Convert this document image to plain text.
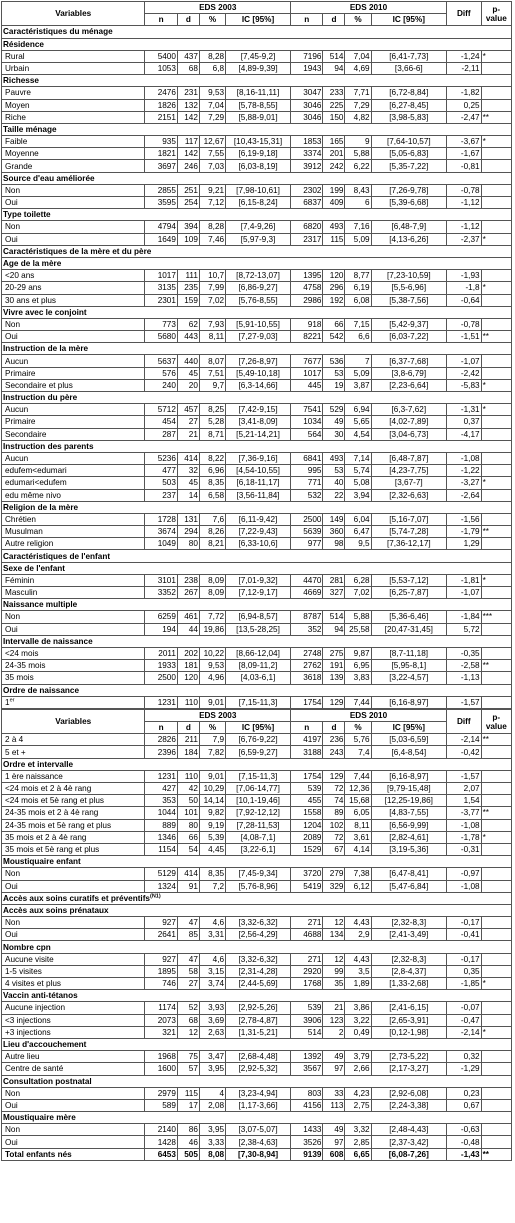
Variables	EDS 2003				EDS 2010				Diff	p-value
	n	d	%	IC [95%]	n	d	%	IC [95%]		
Caractéristiques du ménage										
Résidence										
Rural	5400	437	8,28	[7,45-9,2]	7196	514	7,04	[6,41-7,73]	-1,24	*
Urbain	1053	68	6,8	[4,89-9,39]	1943	94	4,69	[3,66-6]	-2,11	
Richesse										
Pauvre	2476	231	9,53	[8,16-11,11]	3047	233	7,71	[6,72-8,84]	-1,82	
Moyen	1826	132	7,04	[5,78-8,55]	3046	225	7,29	[6,27-8,45]	0,25	
Riche	2151	142	7,29	[5,88-9,01]	3046	150	4,82	[3,98-5,83]	-2,47	**
Taille ménage										
Faible	935	117	12,67	[10,43-15,31]	1853	165	9	[7,64-10,57]	-3,67	*
Moyenne	1821	142	7,55	[6,19-9,18]	3374	201	5,88	[5,05-6,83]	-1,67	
Grande	3697	246	7,03	[6,03-8,19]	3912	242	6,22	[5,35-7,22]	-0,81	
Source d'eau améliorée										
Non	2855	251	9,21	[7,98-10,61]	2302	199	8,43	[7,26-9,78]	-0,78	
Oui	3595	254	7,12	[6,15-8,24]	6837	409	6	[5,39-6,68]	-1,12	
Type toilette										
Non	4794	394	8,28	[7,4-9,26]	6820	493	7,16	[6,48-7,9]	-1,12	
Oui	1649	109	7,46	[5,97-9,3]	2317	115	5,09	[4,13-6,26]	-2,37	*
Caractéristiques de la mère et du père										
Age de la mère										
<20 ans	1017	111	10,7	[8,72-13,07]	1395	120	8,77	[7,23-10,59]	-1,93	
20-29 ans	3135	235	7,99	[6,86-9,27]	4758	296	6,19	[5,5-6,96]	-1,8	*
30 ans et plus	2301	159	7,02	[5,76-8,55]	2986	192	6,08	[5,38-7,56]	-0,64	
Vivre avec le conjoint										
Non	773	62	7,93	[5,91-10,55]	918	66	7,15	[5,42-9,37]	-0,78	
Oui	5680	443	8,11	[7,27-9,03]	8221	542	6,6	[6,03-7,22]	-1,51	**
Instruction de la mère										
Aucun	5637	440	8,07	[7,26-8,97]	7677	536	7	[6,37-7,68]	-1,07	
Primaire	576	45	7,51	[5,49-10,18]	1017	53	5,09	[3,8-6,79]	-2,42	
Secondaire et plus	240	20	9,7	[6,3-14,66]	445	19	3,87	[2,23-6,64]	-5,83	*
Instruction du père										
Aucun	5712	457	8,25	[7,42-9,15]	7541	529	6,94	[6,3-7,62]	-1,31	*
Primaire	454	27	5,28	[3,41-8,09]	1034	49	5,65	[4,02-7,89]	0,37	
Secondaire	287	21	8,71	[5,21-14,21]	564	30	4,54	[3,04-6,73]	-4,17	
Instruction des parents										
Aucun	5236	414	8,22	[7,36-9,16]	6841	493	7,14	[6,48-7,87]	-1,08	
edufem<edumari	477	32	6,96	[4,54-10,55]	995	53	5,74	[4,23-7,75]	-1,22	
edumari<edufem	503	45	8,35	[6,18-11,17]	771	40	5,08	[3,67-7]	-3,27	*
edu même nivo	237	14	6,58	[3,56-11,84]	532	22	3,94	[2,32-6,63]	-2,64	
Religion de la mère										
Chrétien	1728	131	7,6	[6,11-9,42]	2500	149	6,04	[5,16-7,07]	-1,56	
Musulman	3674	294	8,26	[7,22-9,43]	5639	360	6,47	[5,74-7,28]	-1,79	**
Autre religion	1049	80	8,21	[6,33-10,6]	977	98	9,5	[7,36-12,17]	1,29	
Caractéristiques de l'enfant										
Sexe de l'enfant										
Féminin	3101	238	8,09	[7,01-9,32]	4470	281	6,28	[5,53-7,12]	-1,81	*
Masculin	3352	267	8,09	[7,12-9,17]	4669	327	7,02	[6,25-7,87]	-1,07	
Naissance multiple										
Non	6259	461	7,72	[6,94-8,57]	8787	514	5,88	[5,36-6,46]	-1,84	***
Oui	194	44	19,86	[13,5-28,25]	352	94	25,58	[20,47-31,45]	5,72	
Intervalle de naissance										
<24 mois	2011	202	10,22	[8,66-12,04]	2748	275	9,87	[8,7-11,18]	-0,35	
24-35 mois	1933	181	9,53	[8,09-11,2]	2762	191	6,95	[5,95-8,1]	-2,58	**
35 mois	2500	120	4,96	[4,03-6,1]	3618	139	3,83	[3,22-4,57]	-1,13	
Ordre de naissance										
1er	1231	110	9,01	[7,15-11,3]	1754	129	7,44	[6,16-8,97]	-1,57	
Variables	EDS 2003				EDS 2010				Diff	p-value
	n	d	%	IC [95%]	n	d	%	IC [95%]		
2 à 4	2826	211	7,9	[6,76-9,22]	4197	236	5,76	[5,03-6,59]	-2,14	**
5 et +	2396	184	7,82	[6,59-9,27]	3188	243	7,4	[6,4-8,54]	-0,42	
Ordre et intervalle										
1 ère naissance	1231	110	9,01	[7,15-11,3]	1754	129	7,44	[6,16-8,97]	-1,57	
<24 mois et 2 à 4è rang	427	42	10,29	[7,06-14,77]	539	72	12,36	[9,79-15,48]	2,07	
<24 mois et 5è rang et plus	353	50	14,14	[10,1-19,46]	455	74	15,68	[12,25-19,86]	1,54	
24-35 mois et 2 à 4è rang	1044	101	9,82	[7,92-12,12]	1558	89	6,05	[4,83-7,55]	-3,77	**
24-35 mois et 5è rang et plus	889	80	9,19	[7,28-11,53]	1204	102	8,11	[6,56-9,99]	-1,08	
35 mois et 2 à 4è rang	1346	66	5,39	[4,08-7,1]	2089	72	3,61	[2,82-4,61]	-1,78	*
35 mois et 5è rang et plus	1154	54	4,45	[3,22-6,1]	1529	67	4,14	[3,19-5,36]	-0,31	
Moustiquaire enfant										
Non	5129	414	8,35	[7,45-9,34]	3720	279	7,38	[6,47-8,41]	-0,97	
Oui	1324	91	7,2	[5,76-8,96]	5419	329	6,12	[5,47-6,84]	-1,08	
Accès aux soins curatifs et préventifs$^{(N1)}$
Accès aux soins prénataux										
Non	927	47	4,6	[3,32-6,32]	271	12	4,43	[2,32-8,3]	-0,17	
Oui	2641	85	3,31	[2,56-4,29]	4688	134	2,9	[2,41-3,49]	-0,41	
Nombre cpn										
Aucune visite	927	47	4,6	[3,32-6,32]	271	12	4,43	[2,32-8,3]	-0,17	
1-5 visites	1895	58	3,15	[2,31-4,28]	2920	99	3,5	[2,8-4,37]	0,35	
4 visites et plus	746	27	3,74	[2,44-5,69]	1768	35	1,89	[1,33-2,68]	-1,85	*
Vaccin anti-tétanos										
Aucune injection	1174	52	3,93	[2,92-5,26]	539	21	3,86	[2,41-6,15]	-0,07	
<3 injections	2073	68	3,69	[2,78-4,87]	3906	123	3,22	[2,65-3,91]	-0,47	
+3 injections	321	12	2,63	[1,31-5,21]	514	2	0,49	[0,12-1,98]	-2,14	*
Lieu d'accouchement										
Autre lieu	1968	75	3,47	[2,68-4,48]	1392	49	3,79	[2,73-5,22]	0,32	
Centre de santé	1600	57	3,95	[2,92-5,32]	3567	97	2,66	[2,17-3,27]	-1,29	
Consultation postnatal										
Non	2979	115	4	[3,23-4,94]	803	33	4,23	[2,92-6,08]	0,23	
Oui	589	17	2,08	[1,17-3,66]	4156	113	2,75	[2,24-3,38]	0,67	
Moustiquaire mère										
Non	2140	86	3,95	[3,07-5,07]	1433	49	3,32	[2,48-4,43]	-0,63	
Oui	1428	46	3,33	[2,38-4,63]	3526	97	2,85	[2,37-3,42]	-0,48	
Total enfants nés	6453	505	8,08	[7,30-8,94]	9139	608	6,65	[6,08-7,26]	-1,43	**
